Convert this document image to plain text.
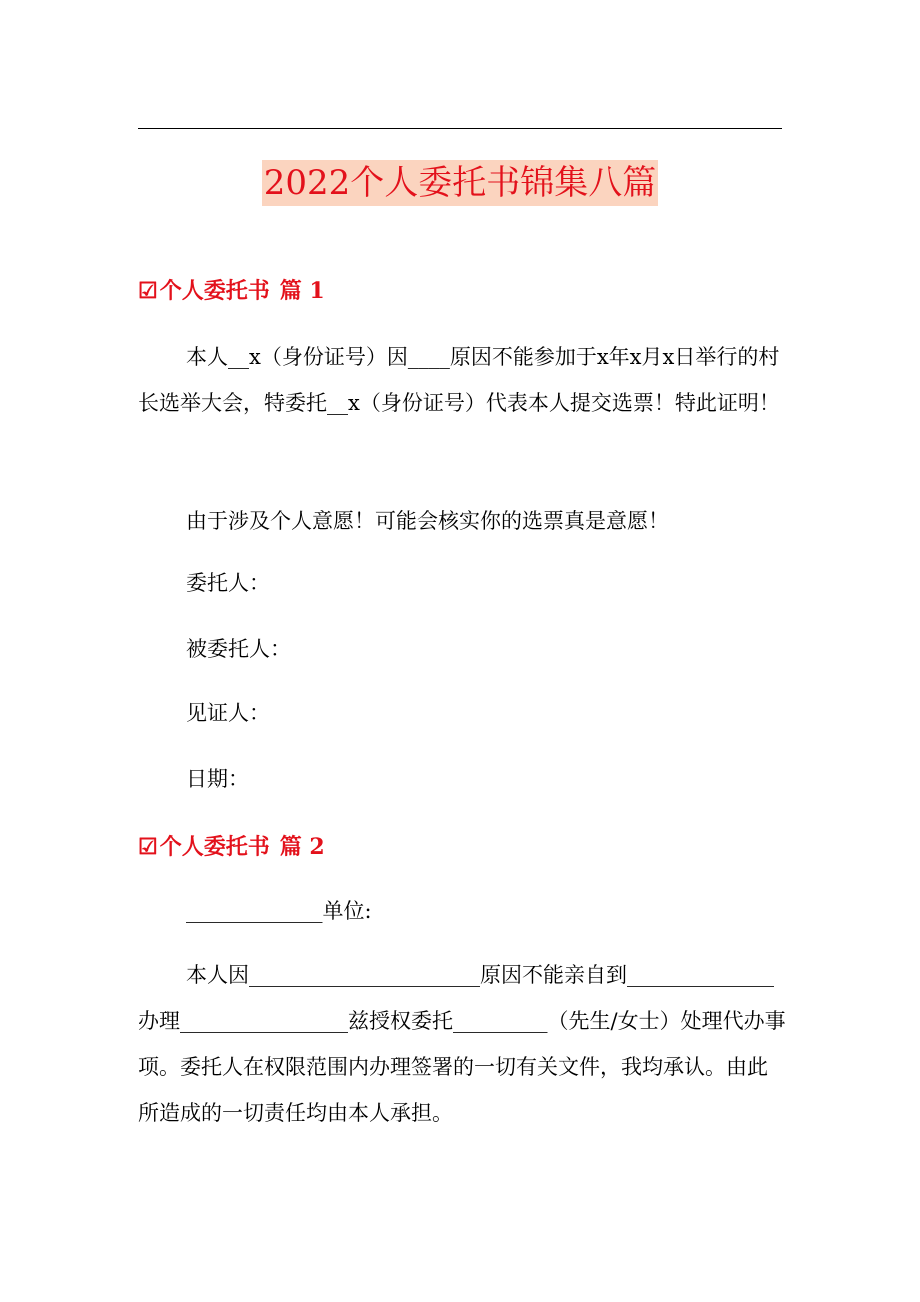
2022个人委托书锦集八篇
☑个人委托书 篇 1

本人__x（身份证号）因____原因不能参加于x年x月x日举行的村长选举大会，特委托__x（身份证号）代表本人提交选票！特此证明！

由于涉及个人意愿！可能会核实你的选票真是意愿！

委托人：

被委托人：

见证人：

日期：

☑个人委托书 篇 2

_____________单位:

本人因______________________原因不能亲自到______________办理________________兹授权委托_________（先生/女士）处理代办事项。委托人在权限范围内办理签署的一切有关文件，我均承认。由此所造成的一切责任均由本人承担。
